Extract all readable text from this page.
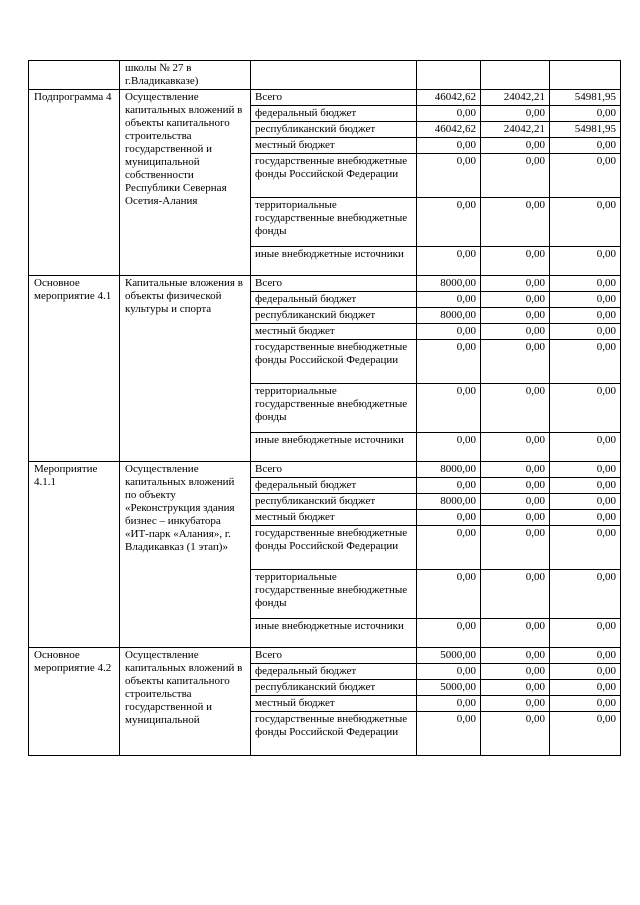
	школы № 27 в г.Владикавказе)				
Подпрограмма 4	Осуществление капитальных вложений в объекты капитального строительства государственной и муниципальной собственности Республики Северная Осетия-Алания	Всего	46042,62	24042,21	54981,95
		федеральный бюджет	0,00	0,00	0,00
		республиканский бюджет	46042,62	24042,21	54981,95
		местный бюджет	0,00	0,00	0,00
		государственные внебюджетные фонды Российской Федерации	0,00	0,00	0,00
		территориальные государственные внебюджетные фонды	0,00	0,00	0,00
		иные внебюджетные источники	0,00	0,00	0,00
Основное мероприятие 4.1	Капитальные вложения в объекты физической культуры и спорта	Всего	8000,00	0,00	0,00
		федеральный бюджет	0,00	0,00	0,00
		республиканский бюджет	8000,00	0,00	0,00
		местный бюджет	0,00	0,00	0,00
		государственные внебюджетные фонды Российской Федерации	0,00	0,00	0,00
		территориальные государственные внебюджетные фонды	0,00	0,00	0,00
		иные внебюджетные источники	0,00	0,00	0,00
Мероприятие 4.1.1	Осуществление капитальных вложений по объекту «Реконструкция здания бизнес – инкубатора «ИТ-парк «Алания», г. Владикавказ (1 этап)»	Всего	8000,00	0,00	0,00
		федеральный бюджет	0,00	0,00	0,00
		республиканский бюджет	8000,00	0,00	0,00
		местный бюджет	0,00	0,00	0,00
		государственные внебюджетные фонды Российской Федерации	0,00	0,00	0,00
		территориальные государственные внебюджетные фонды	0,00	0,00	0,00
		иные внебюджетные источники	0,00	0,00	0,00
Основное мероприятие 4.2	Осуществление капитальных вложений в объекты капитального строительства государственной и муниципальной	Всего	5000,00	0,00	0,00
		федеральный бюджет	0,00	0,00	0,00
		республиканский бюджет	5000,00	0,00	0,00
		местный бюджет	0,00	0,00	0,00
		государственные внебюджетные фонды Российской Федерации	0,00	0,00	0,00
